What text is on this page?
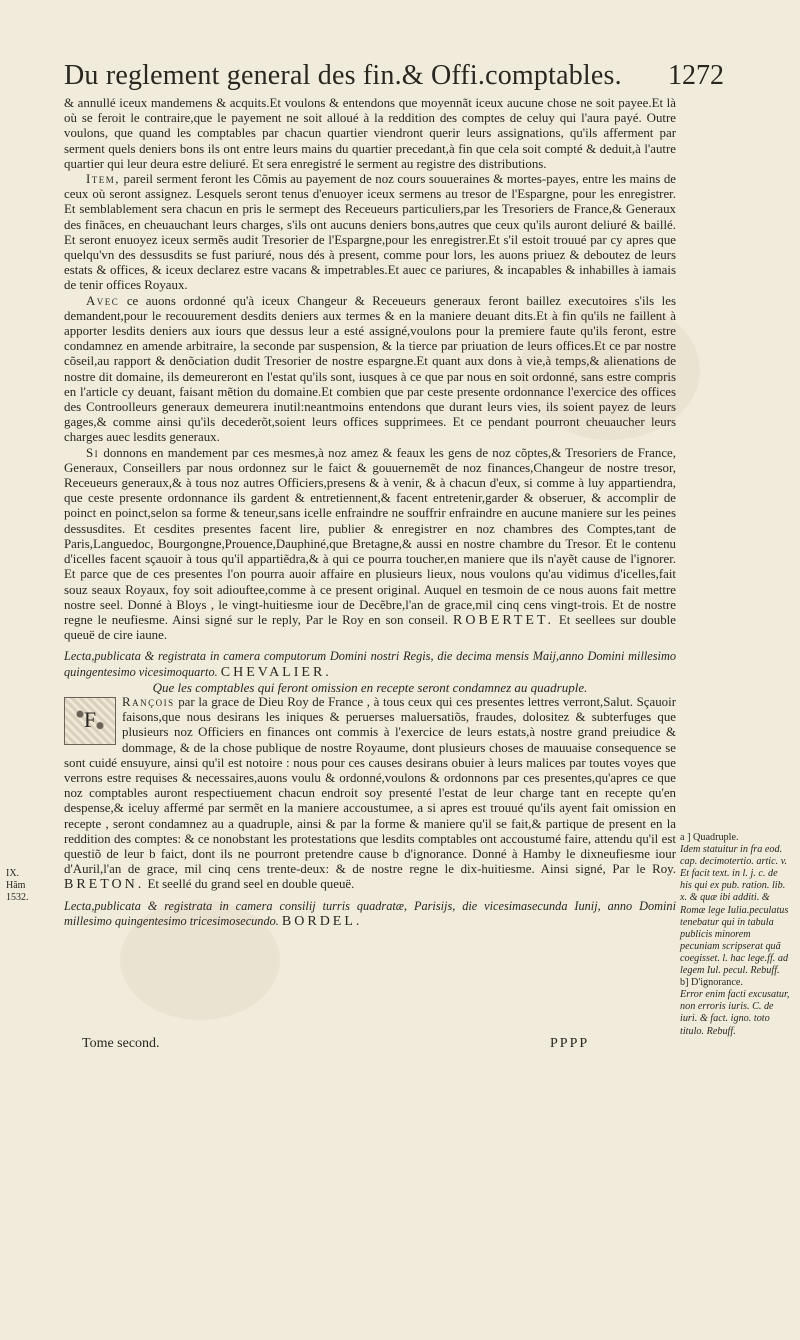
Du reglement general des fin.& Offi.comptables.	1272

& annullé iceux mandemens & acquits.Et voulons & entendons que moyennãt iceux aucune chose ne soit payee.Et là où se feroit le contraire,que le payement ne soit alloué à la reddition des comptes de celuy qui l'aura payé. Outre voulons, que quand les comptables par chacun quartier viendront querir leurs assignations, qu'ils afferment par serment quels deniers bons ils ont entre leurs mains du quartier precedant,à fin que cela soit compté & deduit,à l'autre quartier qui leur deura estre deliuré. Et sera enregistré le serment au registre des distributions.

Item, pareil serment feront les Cõmis au payement de noz cours souueraines & mortes-payes, entre les mains de ceux où seront assignez. Lesquels seront tenus d'enuoyer iceux sermens au tresor de l'Espargne, pour les enregistrer. Et semblablement sera chacun en pris le sermept des Receueurs particuliers,par les Tresoriers de France,& Generaux des finãces, en cheuauchant leurs charges, s'ils ont aucuns deniers bons,autres que ceux qu'ils auront deliuré & baillé. Et seront enuoyez iceux sermẽs audit Tresorier de l'Espargne,pour les enregistrer.Et s'il estoit trouué par cy apres que quelqu'vn des dessusdits se fust pariuré, nous dés à present, comme pour lors, les auons priuez & deboutez de leurs estats & offices, & iceux declarez estre vacans & impetrables.Et auec ce pariures, & incapables & inhabilles à iamais de tenir offices Royaux.

Avec ce auons ordonné qu'à iceux Changeur & Receueurs generaux feront baillez executoires s'ils les demandent,pour le recouurement desdits deniers aux termes & en la maniere deuant dits.Et à fin qu'ils ne faillent à apporter lesdits deniers aux iours que dessus leur a esté assigné,voulons pour la premiere faute qu'ils feront, estre condamnez en amende arbitraire, la seconde par suspension, & la tierce par priuation de leurs offices.Et ce par nostre cõseil,au rapport & denõciation dudit Tresorier de nostre espargne.Et quant aux dons à vie,à temps,& alienations de nostre dit domaine, ils demeureront en l'estat qu'ils sont, iusques à ce que par nous en soit ordonné, sans estre compris en l'article cy deuant, faisant mẽtion du domaine.Et combien que par ceste presente ordonnance l'exercice des offices des Controolleurs generaux demeurera inutil:neantmoins entendons que durant leurs vies, ils soient payez de leurs gages,& comme ainsi qu'ils decederõt,soient leurs offices supprimees. Et ce pendant pourront cheuaucher leurs charges auec lesdits generaux.

Si donnons en mandement par ces mesmes,à noz amez & feaux les gens de noz cõptes,& Tresoriers de France, Generaux, Conseillers par nous ordonnez sur le faict & gouuernemẽt de noz finances,Changeur de nostre tresor, Receueurs generaux,& à tous noz autres Officiers,presens & à venir, & à chacun d'eux, si comme à luy appartiendra, que ceste presente ordonnance ils gardent & entretiennent,& facent entretenir,garder & obseruer, & accomplir de poinct en poinct,selon sa forme & teneur,sans icelle enfraindre ne souffrir enfraindre en aucune maniere sur les peines dessusdites. Et cesdites presentes facent lire, publier & enregistrer en noz chambres des Comptes,tant de Paris,Languedoc, Bourgongne,Prouence,Dauphiné,que Bretagne,& aussi en nostre chambre du Tresor. Et le contenu d'icelles facent sçauoir à tous qu'il appartiẽdra,& à qui ce pourra toucher,en maniere que ils n'ayẽt cause de l'ignorer. Et parce que de ces presentes l'on pourra auoir affaire en plusieurs lieux, nous voulons qu'au vidimus d'icelles,fait souz seaux Royaux, foy soit adiouftee,comme à ce present original. Auquel en tesmoin de ce nous auons fait mettre nostre seel. Donné à Bloys , le vingt-huitiesme iour de Decẽbre,l'an de grace,mil cinq cens vingt-trois. Et de nostre regne le neufiesme. Ainsi signé sur le reply, Par le Roy en son conseil. ROBERTET. Et seellees sur double queuë de cire iaune.

Lecta,publicata & registrata in camera computorum Domini nostri Regis, die decima mensis Maij,anno Domini millesimo quingentesimo vicesimoquarto. CHEVALIER.

Que les comptables qui feront omission en recepte seront condamnez au quadruple.

F
Rançois par la grace de Dieu Roy de France , à tous ceux qui ces presentes lettres verront,Salut. Sçauoir faisons,que nous desirans les iniques & peruerses maluersatiõs, fraudes, dolositez & subterfuges que plusieurs noz Officiers en finances ont commis à l'exercice de leurs estats,à nostre grand preiudice & dommage, & de la chose publique de nostre Royaume, dont plusieurs choses de mauuaise consequence se sont cuidé ensuyure, ainsi qu'il est notoire : nous pour ces causes desirans obuier à leurs malices par toutes voyes que verrons estre requises & necessaires,auons voulu & ordonné,voulons & ordonnons par ces presentes,qu'apres ce que noz comptables auront respectiuement chacun endroit soy presenté l'estat de leur charge tant en recepte qu'en despense,& iceluy affermé par sermẽt en la maniere accoustumee, a si apres est trouué qu'ils ayent fait omission en recepte , seront condamnez au a quadruple, ainsi & par la forme & maniere qu'il se fait,& partique de present en la reddition des comptes: & ce nonobstant les protestations que lesdits comptables ont accoustumé faire, attendu qu'il est questiõ de leur b faict, dont ils ne pourront pretendre cause b d'ignorance. Donné à Hamby le dixneufiesme iour d'Auril,l'an de grace, mil cinq cens trente-deux: & de nostre regne le dix-huitiesme. Ainsi signé, Par le Roy. BRETON. Et seellé du grand seel en double queuë.

Lecta,publicata & registrata in camera consilij turris quadratæ, Parisijs, die vicesimasecunda Iunij, anno Domini millesimo quingentesimo tricesimosecundo. BORDEL.

IX.
Hãm 1532.

a ] Quadruple.

Idem statuitur in fra eod. cap. decimotertio. artic. v. Et facit text. in l. j. c. de his qui ex pub. ration. lib. x. & quæ ibi additi. & Romæ lege Iulia.peculatus tenebatur qui in tabula publicis minorem pecuniam scripserat quã coegisset. l. hac lege.ff. ad legem Iul. pecul. Rebuff.

b] D'ignorance.

Error enim facti excusatur, non erroris iuris. C. de iuri. & fact. igno. toto titulo. Rebuff.

Tome second.	PPPP
